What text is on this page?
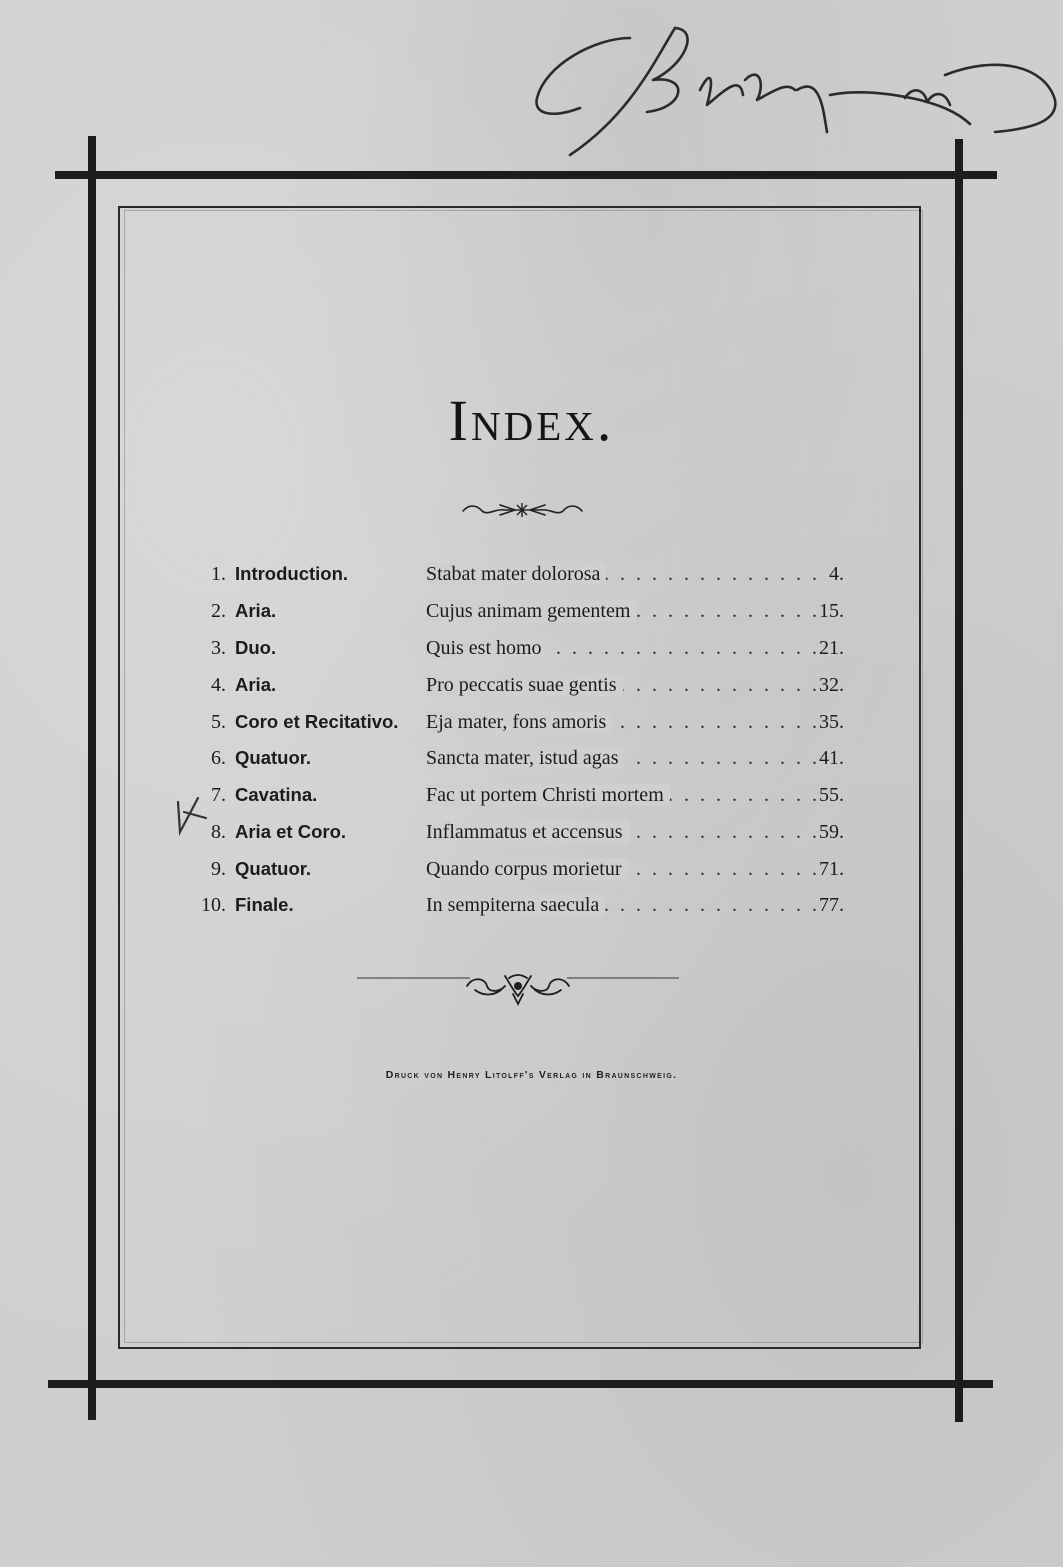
Index.
1. Introduction.	. . . Stabat mater dolorosa	4.
2. Aria.	. . . Cujus animam gementem	15.
3. Duo.	. . . Quis est homo	21.
4. Aria.	. . . Pro peccatis suae gentis	32.
5. Coro et Recitativo.	. . . Eja mater, fons amoris	35.
6. Quatuor.	. . . Sancta mater, istud agas	41.
7. Cavatina.	. . . Fac ut portem Christi mortem	55.
8. Aria et Coro.	. . . Inflammatus et accensus	59.
9. Quatuor.	. . . Quando corpus morietur	71.
10. Finale.	. . . In sempiterna saecula	77.
Druck von Henry Litolff's Verlag in Braunschweig.
